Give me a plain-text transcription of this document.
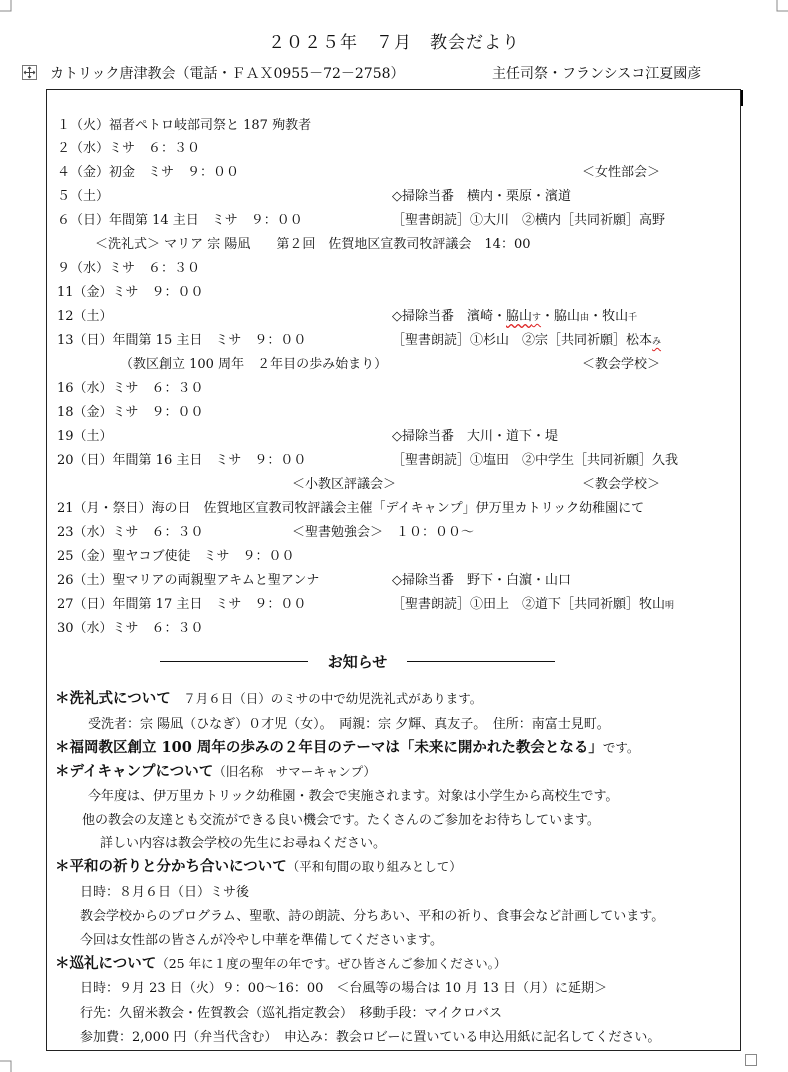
２０２５年　７月　教会だより
カトリック唐津教会（電話・ＦＡＸ0955－72－2758）	主任司祭・フランシスコ江夏國彦
１（火）福者ペトロ岐部司祭と 187 殉教者
２（水）ミサ　６：３０
４（金）初金　ミサ　９：００	＜女性部会＞
５（土）	◇掃除当番　横内・栗原・濱道
６（日）年間第 14 主日　ミサ　９：００	［聖書朗読］①大川　②横内［共同祈願］高野
＜洗礼式＞ マリア 宗 陽凪　　第２回　佐賀地区宣教司牧評議会　14：00
９（水）ミサ　６：３０
11（金）ミサ　９：００
12（土）	◇掃除当番　濱崎・脇山す・脇山由・牧山千
13（日）年間第 15 主日　ミサ　９：００	［聖書朗読］①杉山　②宗［共同祈願］松本み
（教区創立 100 周年　２年目の歩み始まり）	＜教会学校＞
16（水）ミサ　６：３０
18（金）ミサ　９：００
19（土）	◇掃除当番　大川・道下・堤
20（日）年間第 16 主日　ミサ　９：００	［聖書朗読］①塩田　②中学生［共同祈願］久我
＜小教区評議会＞	＜教会学校＞
21（月・祭日）海の日　佐賀地区宣教司牧評議会主催「デイキャンプ」伊万里カトリック幼稚園にて
23（水）ミサ　６：３０	＜聖書勉強会＞　１０：００～
25（金）聖ヤコブ使徒　ミサ　９：００
26（土）聖マリアの両親聖アキムと聖アンナ	◇掃除当番　野下・白濵・山口
27（日）年間第 17 主日　ミサ　９：００	［聖書朗読］①田上　②道下［共同祈願］牧山明
30（水）ミサ　６：３０
お知らせ
＊洗礼式について　７月６日（日）のミサの中で幼児洗礼式があります。
受洗者：宗 陽凪（ひなぎ）０才児（女）。　両親：宗 夕輝、真友子。　住所：南富士見町。
＊福岡教区創立 100 周年の歩みの２年目のテーマは「未来に開かれた教会となる」です。
＊デイキャンプについて（旧名称　サマーキャンプ）
今年度は、伊万里カトリック幼稚園・教会で実施されます。対象は小学生から高校生です。
他の教会の友達とも交流ができる良い機会です。たくさんのご参加をお待ちしています。
詳しい内容は教会学校の先生にお尋ねください。
＊平和の祈りと分かち合いについて（平和旬間の取り組みとして）
日時：８月６日（日）ミサ後
教会学校からのプログラム、聖歌、詩の朗読、分ちあい、平和の祈り、食事会など計画しています。
今回は女性部の皆さんが冷やし中華を準備してくださいます。
＊巡礼について（25 年に１度の聖年の年です。ぜひ皆さんご参加ください。）
日時：９月 23 日（火）９：00～16：00　＜台風等の場合は 10 月 13 日（月）に延期＞
行先：久留米教会・佐賀教会（巡礼指定教会）　移動手段：マイクロバス
参加費：2,000 円（弁当代含む）　申込み：教会ロビーに置いている申込用紙に記名してください。
